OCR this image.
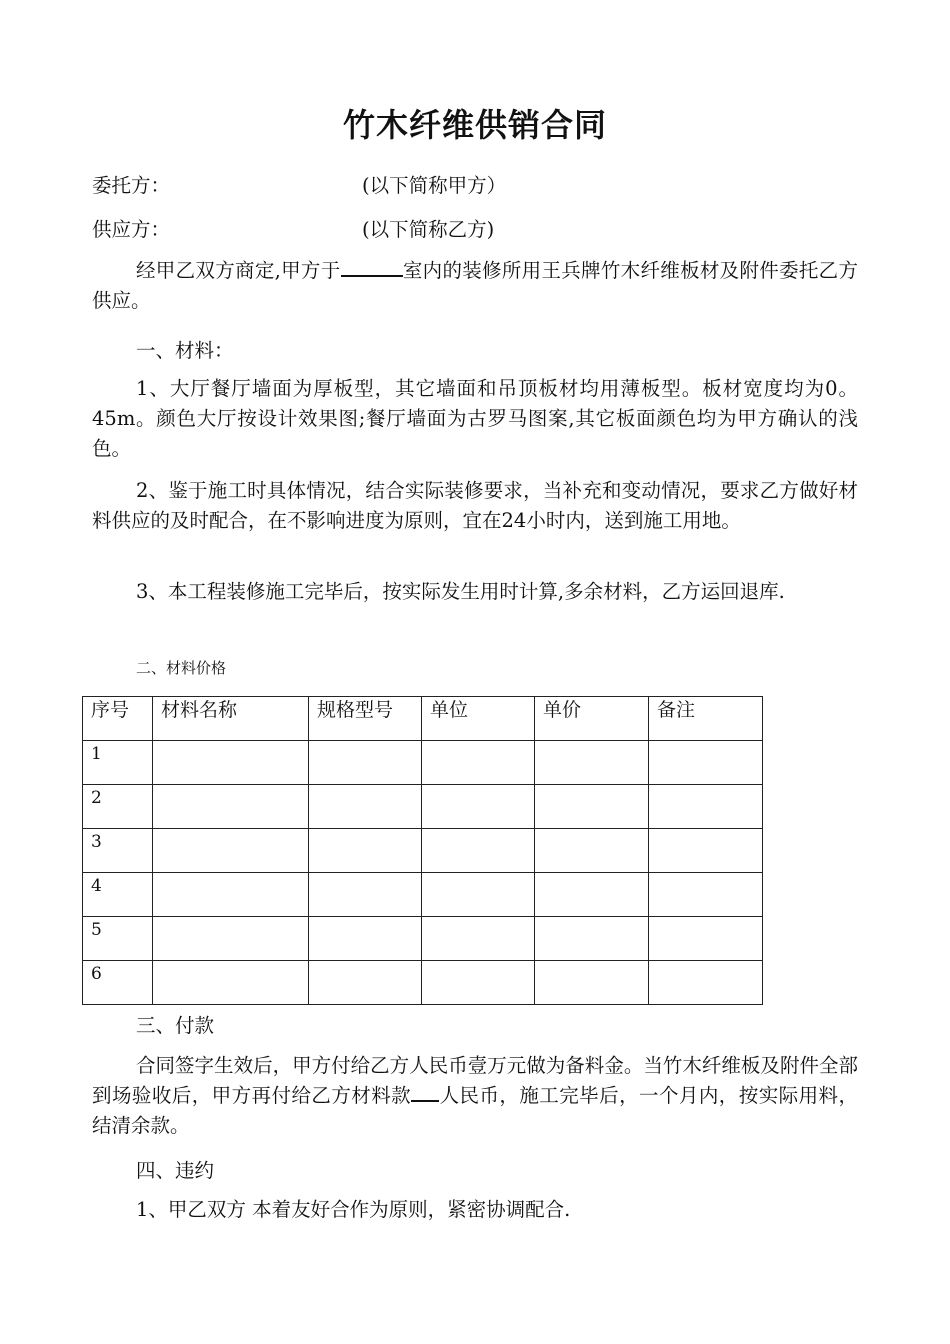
竹木纤维供销合同

委托方：	(以下简称甲方）

供应方：	(以下简称乙方)

经甲乙双方商定,甲方于	室内的装修所用王兵牌竹木纤维板材及附件委托乙方供应。

一、材料：

1、大厅餐厅墙面为厚板型，其它墙面和吊顶板材均用薄板型。板材宽度均为0。45m。颜色大厅按设计效果图;餐厅墙面为古罗马图案,其它板面颜色均为甲方确认的浅色。

2、鉴于施工时具体情况，结合实际装修要求，当补充和变动情况，要求乙方做好材料供应的及时配合，在不影响进度为原则，宜在24小时内，送到施工用地。

3、本工程装修施工完毕后，按实际发生用时计算,多余材料，乙方运回退库.

二、材料价格

序号	材料名称	规格型号	单位	单价	备注
1					
2					
3					
4					
5					
6					

三、付款

合同签字生效后，甲方付给乙方人民币壹万元做为备料金。当竹木纤维板及附件全部到场验收后，甲方再付给乙方材料款 人民币，施工完毕后，一个月内，按实际用料，结清余款。

四、违约

1、甲乙双方 本着友好合作为原则，紧密协调配合.
